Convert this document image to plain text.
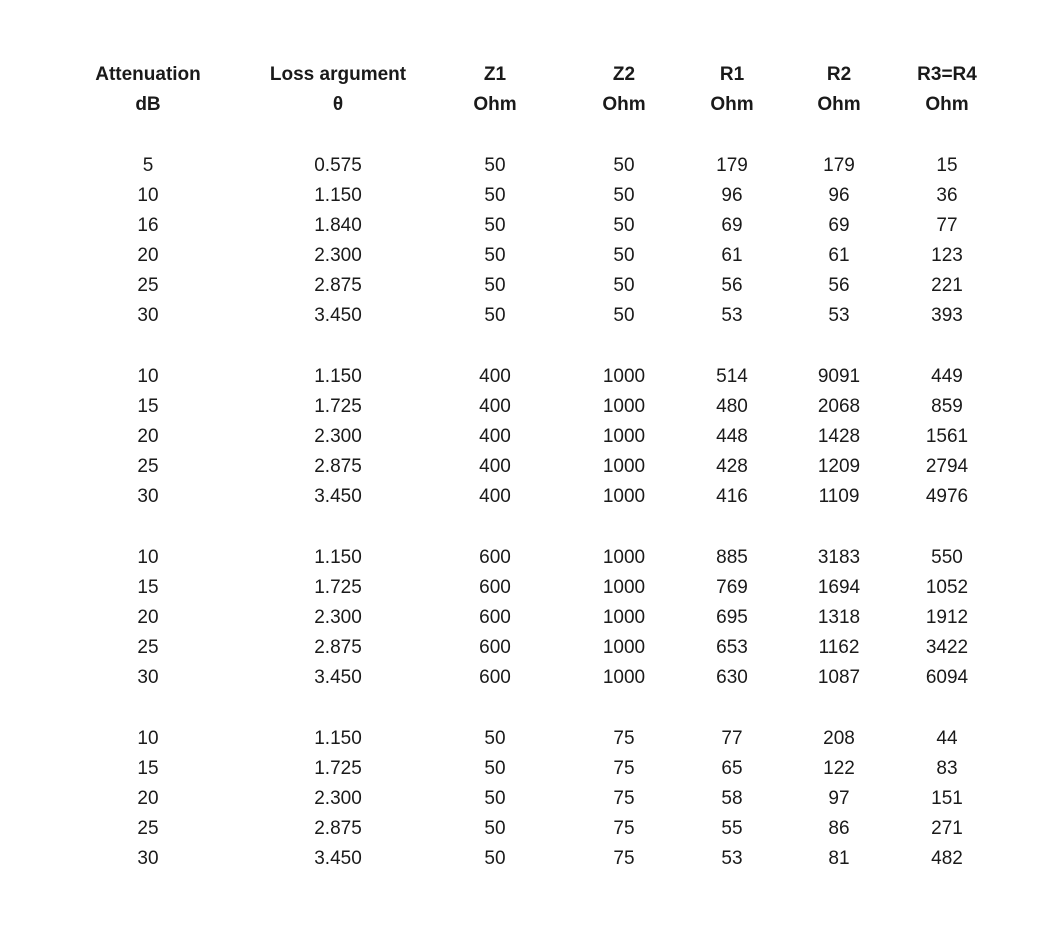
Attenuation	Loss argument	Z1	Z2	R1	R2	R3=R4
dB	θ	Ohm	Ohm	Ohm	Ohm	Ohm
5	0.575	50	50	179	179	15
10	1.150	50	50	96	96	36
16	1.840	50	50	69	69	77
20	2.300	50	50	61	61	123
25	2.875	50	50	56	56	221
30	3.450	50	50	53	53	393
10	1.150	400	1000	514	9091	449
15	1.725	400	1000	480	2068	859
20	2.300	400	1000	448	1428	1561
25	2.875	400	1000	428	1209	2794
30	3.450	400	1000	416	1109	4976
10	1.150	600	1000	885	3183	550
15	1.725	600	1000	769	1694	1052
20	2.300	600	1000	695	1318	1912
25	2.875	600	1000	653	1162	3422
30	3.450	600	1000	630	1087	6094
10	1.150	50	75	77	208	44
15	1.725	50	75	65	122	83
20	2.300	50	75	58	97	151
25	2.875	50	75	55	86	271
30	3.450	50	75	53	81	482
